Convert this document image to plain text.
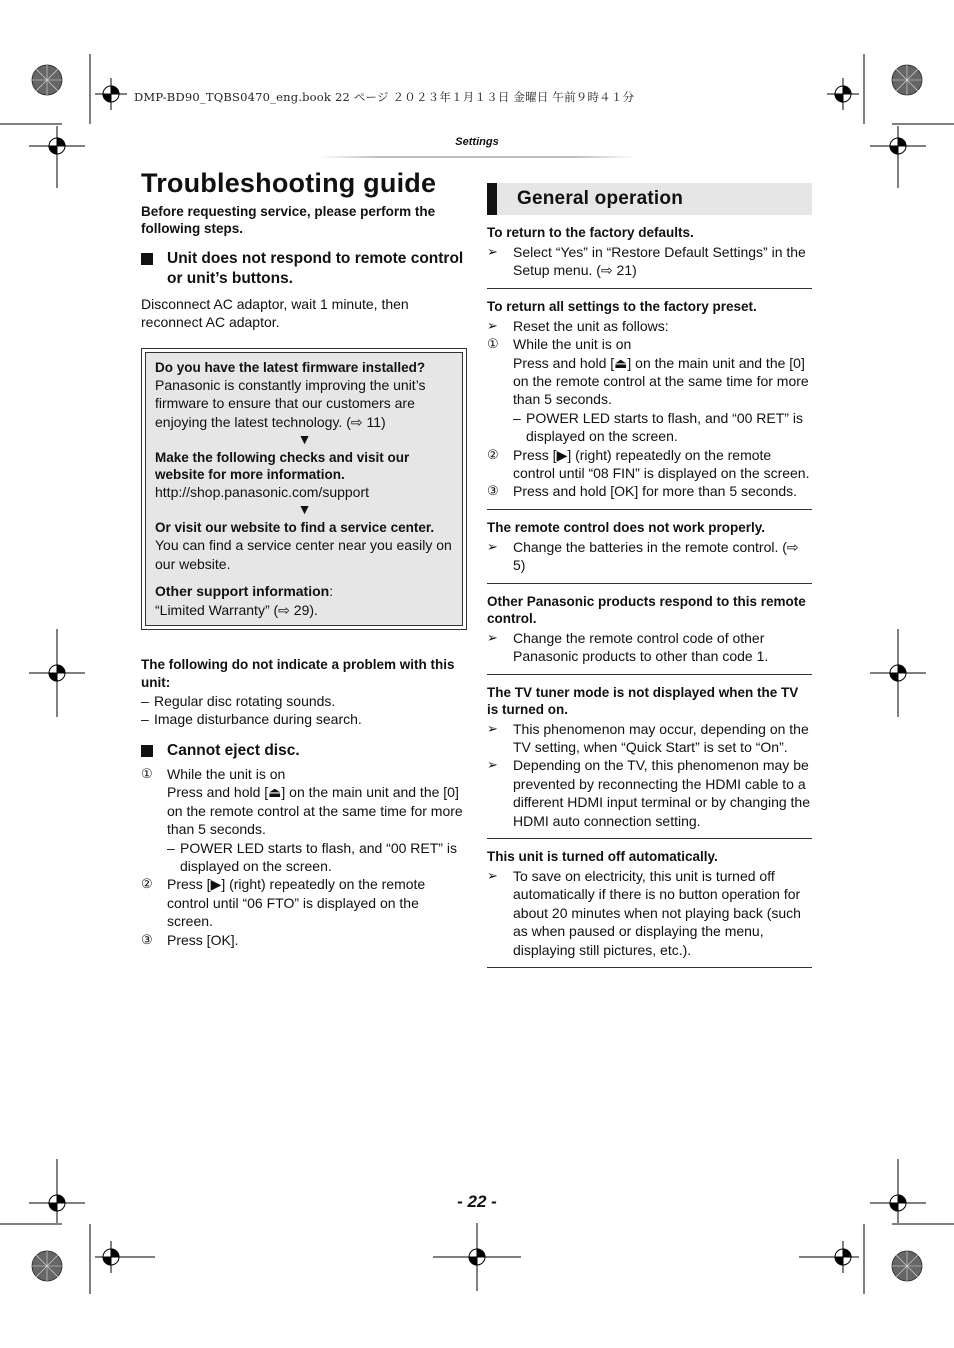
DMP-BD90_TQBS0470_eng.book 22 ページ ２０２３年１月１３日 金曜日 午前９時４１分
Settings
Troubleshooting guide
Before requesting service, please perform the following steps.
Unit does not respond to remote control or unit’s buttons.
Disconnect AC adaptor, wait 1 minute, then reconnect AC adaptor.
Do you have the latest firmware installed?
Panasonic is constantly improving the unit’s firmware to ensure that our customers are enjoying the latest technology. (⇨ 11)
▼
Make the following checks and visit our website for more information.
http://shop.panasonic.com/support
▼
Or visit our website to find a service center.
You can find a service center near you easily on our website.
Other support information:
“Limited Warranty” (⇨ 29).
The following do not indicate a problem with this unit:
– Regular disc rotating sounds.
– Image disturbance during search.
Cannot eject disc.
①	While the unit is on
Press and hold [⏏] on the main unit and the [0] on the remote control at the same time for more than 5 seconds.
– POWER LED starts to flash, and “00 RET” is displayed on the screen.
②	Press [▶] (right) repeatedly on the remote control until “06 FTO” is displayed on the screen.
③	Press [OK].
General operation
To return to the factory defaults.
➢	Select “Yes” in “Restore Default Settings” in the Setup menu. (⇨ 21)
To return all settings to the factory preset.
➢	Reset the unit as follows:
①	While the unit is on
Press and hold [⏏] on the main unit and the [0] on the remote control at the same time for more than 5 seconds.
– POWER LED starts to flash, and “00 RET” is displayed on the screen.
②	Press [▶] (right) repeatedly on the remote control until “08 FIN” is displayed on the screen.
③	Press and hold [OK] for more than 5 seconds.
The remote control does not work properly.
➢	Change the batteries in the remote control. (⇨ 5)
Other Panasonic products respond to this remote control.
➢	Change the remote control code of other Panasonic products to other than code 1.
The TV tuner mode is not displayed when the TV is turned on.
➢	This phenomenon may occur, depending on the TV setting, when “Quick Start” is set to “On”.
➢	Depending on the TV, this phenomenon may be prevented by reconnecting the HDMI cable to a different HDMI input terminal or by changing the HDMI auto connection setting.
This unit is turned off automatically.
➢	To save on electricity, this unit is turned off automatically if there is no button operation for about 20 minutes when not playing back (such as when paused or displaying the menu, displaying still pictures, etc.).
- 22 -
